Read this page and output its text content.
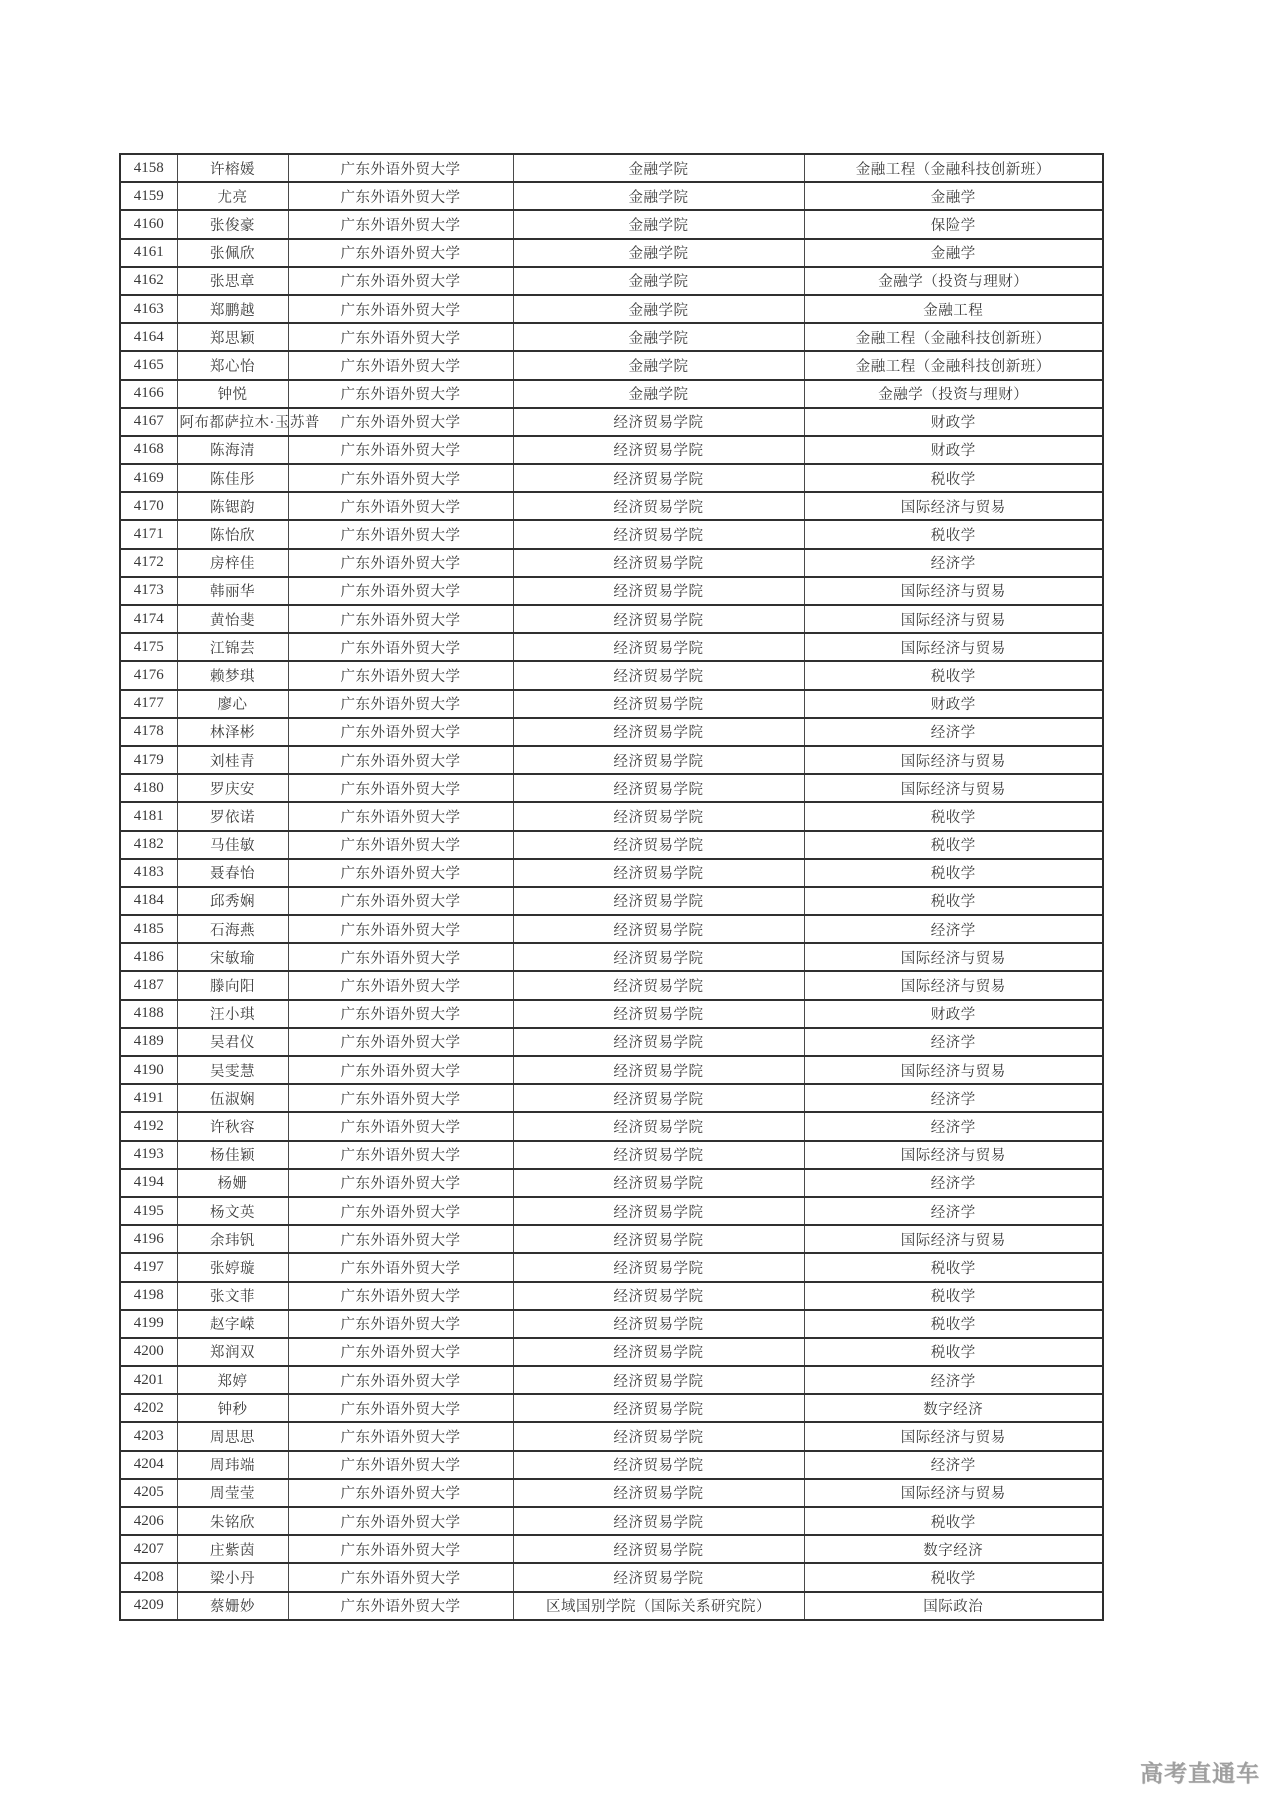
4158	许榕媛	广东外语外贸大学	金融学院	金融工程（金融科技创新班）
4159	尤亮	广东外语外贸大学	金融学院	金融学
4160	张俊豪	广东外语外贸大学	金融学院	保险学
4161	张佩欣	广东外语外贸大学	金融学院	金融学
4162	张思章	广东外语外贸大学	金融学院	金融学（投资与理财）
4163	郑鹏越	广东外语外贸大学	金融学院	金融工程
4164	郑思颖	广东外语外贸大学	金融学院	金融工程（金融科技创新班）
4165	郑心怡	广东外语外贸大学	金融学院	金融工程（金融科技创新班）
4166	钟悦	广东外语外贸大学	金融学院	金融学（投资与理财）
4167	阿布都萨拉木·玉苏普	广东外语外贸大学	经济贸易学院	财政学
4168	陈海清	广东外语外贸大学	经济贸易学院	财政学
4169	陈佳彤	广东外语外贸大学	经济贸易学院	税收学
4170	陈锶韵	广东外语外贸大学	经济贸易学院	国际经济与贸易
4171	陈怡欣	广东外语外贸大学	经济贸易学院	税收学
4172	房梓佳	广东外语外贸大学	经济贸易学院	经济学
4173	韩丽华	广东外语外贸大学	经济贸易学院	国际经济与贸易
4174	黄怡斐	广东外语外贸大学	经济贸易学院	国际经济与贸易
4175	江锦芸	广东外语外贸大学	经济贸易学院	国际经济与贸易
4176	赖梦琪	广东外语外贸大学	经济贸易学院	税收学
4177	廖心	广东外语外贸大学	经济贸易学院	财政学
4178	林泽彬	广东外语外贸大学	经济贸易学院	经济学
4179	刘桂青	广东外语外贸大学	经济贸易学院	国际经济与贸易
4180	罗庆安	广东外语外贸大学	经济贸易学院	国际经济与贸易
4181	罗依诺	广东外语外贸大学	经济贸易学院	税收学
4182	马佳敏	广东外语外贸大学	经济贸易学院	税收学
4183	聂春怡	广东外语外贸大学	经济贸易学院	税收学
4184	邱秀娴	广东外语外贸大学	经济贸易学院	税收学
4185	石海燕	广东外语外贸大学	经济贸易学院	经济学
4186	宋敏瑜	广东外语外贸大学	经济贸易学院	国际经济与贸易
4187	滕向阳	广东外语外贸大学	经济贸易学院	国际经济与贸易
4188	汪小琪	广东外语外贸大学	经济贸易学院	财政学
4189	吴君仪	广东外语外贸大学	经济贸易学院	经济学
4190	吴雯慧	广东外语外贸大学	经济贸易学院	国际经济与贸易
4191	伍淑娴	广东外语外贸大学	经济贸易学院	经济学
4192	许秋容	广东外语外贸大学	经济贸易学院	经济学
4193	杨佳颖	广东外语外贸大学	经济贸易学院	国际经济与贸易
4194	杨姗	广东外语外贸大学	经济贸易学院	经济学
4195	杨文英	广东外语外贸大学	经济贸易学院	经济学
4196	余玮钒	广东外语外贸大学	经济贸易学院	国际经济与贸易
4197	张婷璇	广东外语外贸大学	经济贸易学院	税收学
4198	张文菲	广东外语外贸大学	经济贸易学院	税收学
4199	赵字嵘	广东外语外贸大学	经济贸易学院	税收学
4200	郑润双	广东外语外贸大学	经济贸易学院	税收学
4201	郑婷	广东外语外贸大学	经济贸易学院	经济学
4202	钟秒	广东外语外贸大学	经济贸易学院	数字经济
4203	周思思	广东外语外贸大学	经济贸易学院	国际经济与贸易
4204	周玮端	广东外语外贸大学	经济贸易学院	经济学
4205	周莹莹	广东外语外贸大学	经济贸易学院	国际经济与贸易
4206	朱铭欣	广东外语外贸大学	经济贸易学院	税收学
4207	庄紫茵	广东外语外贸大学	经济贸易学院	数字经济
4208	梁小丹	广东外语外贸大学	经济贸易学院	税收学
4209	蔡姗妙	广东外语外贸大学	区域国别学院（国际关系研究院）	国际政治
高考直通车
